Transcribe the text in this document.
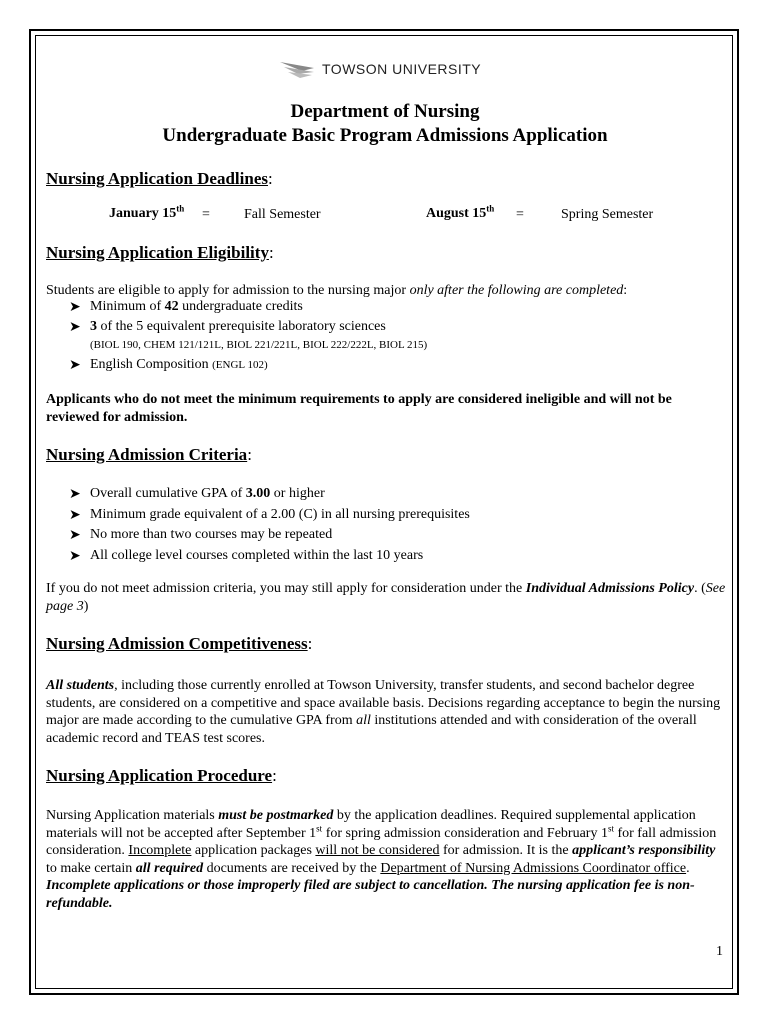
TOWSON UNIVERSITY
Department of Nursing
Undergraduate Basic Program Admissions Application
Nursing Application Deadlines:
January 15th = Fall Semester	August 15th =	Spring Semester
Nursing Application Eligibility:
Students are eligible to apply for admission to the nursing major only after the following are completed:
➤ Minimum of 42 undergraduate credits
➤ 3 of the 5 equivalent prerequisite laboratory sciences
(BIOL 190, CHEM 121/121L, BIOL 221/221L, BIOL 222/222L, BIOL 215)
➤ English Composition (ENGL 102)
Applicants who do not meet the minimum requirements to apply are considered ineligible and will not be reviewed for admission.
Nursing Admission Criteria:
➤ Overall cumulative GPA of 3.00 or higher
➤ Minimum grade equivalent of a 2.00 (C) in all nursing prerequisites
➤ No more than two courses may be repeated
➤ All college level courses completed within the last 10 years
If you do not meet admission criteria, you may still apply for consideration under the Individual Admissions Policy. (See page 3)
Nursing Admission Competitiveness:
All students, including those currently enrolled at Towson University, transfer students, and second bachelor degree students, are considered on a competitive and space available basis. Decisions regarding acceptance to begin the nursing major are made according to the cumulative GPA from all institutions attended and with consideration of the overall academic record and TEAS test scores.
Nursing Application Procedure:
Nursing Application materials must be postmarked by the application deadlines. Required supplemental application materials will not be accepted after September 1st for spring admission consideration and February 1st for fall admission consideration. Incomplete application packages will not be considered for admission. It is the applicant’s responsibility to make certain all required documents are received by the Department of Nursing Admissions Coordinator office. Incomplete applications or those improperly filed are subject to cancellation. The nursing application fee is non-refundable.
1
